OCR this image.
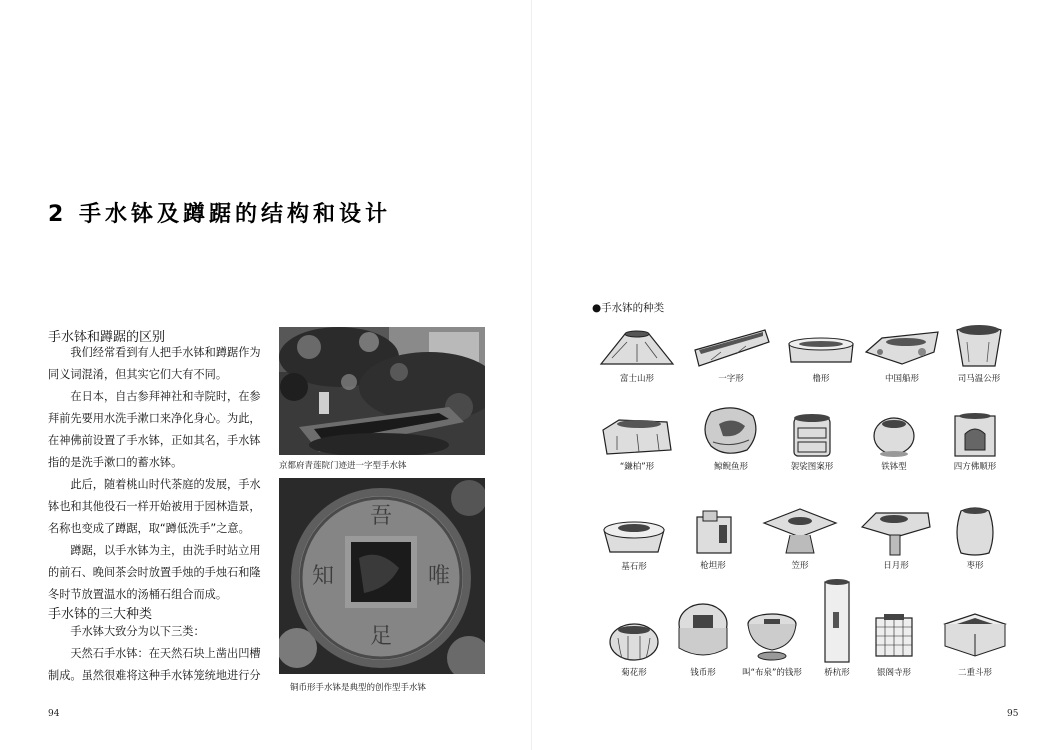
2 手水钵及蹲踞的结构和设计
手水钵和蹲踞的区别
　　我们经常看到有人把手水钵和蹲踞作为
同义词混淆，但其实它们大有不同。
　　在日本，自古参拜神社和寺院时，在参
拜前先要用水洗手漱口来净化身心。为此，
在神佛前设置了手水钵，正如其名，手水钵
指的是洗手漱口的蓄水钵。
　　此后，随着桃山时代茶庭的发展，手水
钵也和其他役石一样开始被用于园林造景，
名称也变成了蹲踞，取“蹲低洗手”之意。
　　蹲踞，以手水钵为主，由洗手时站立用
的前石、晚间茶会时放置手烛的手烛石和隆
冬时节放置温水的汤桶石组合而成。
手水钵的三大种类
　　手水钵大致分为以下三类：
　　天然石手水钵：在天然石块上凿出凹槽
制成。虽然很难将这种手水钵笼统地进行分
京都府青莲院门迹进一字型手水钵
吾
唯
足
知
铜币形手水钵是典型的创作型手水钵
94
●手水钵的种类
富士山形	一字形	橹形	中国船形	司马温公形
“鎌柏”形	鲸鲵鱼形	袈裟图案形	铁钵型	四方佛顺形
基石形	枪坦形	笠形	日月形	枣形
菊花形	钱币形	叫“布泉”的钱形	桥杭形	银阁寺形	二重斗形
95
